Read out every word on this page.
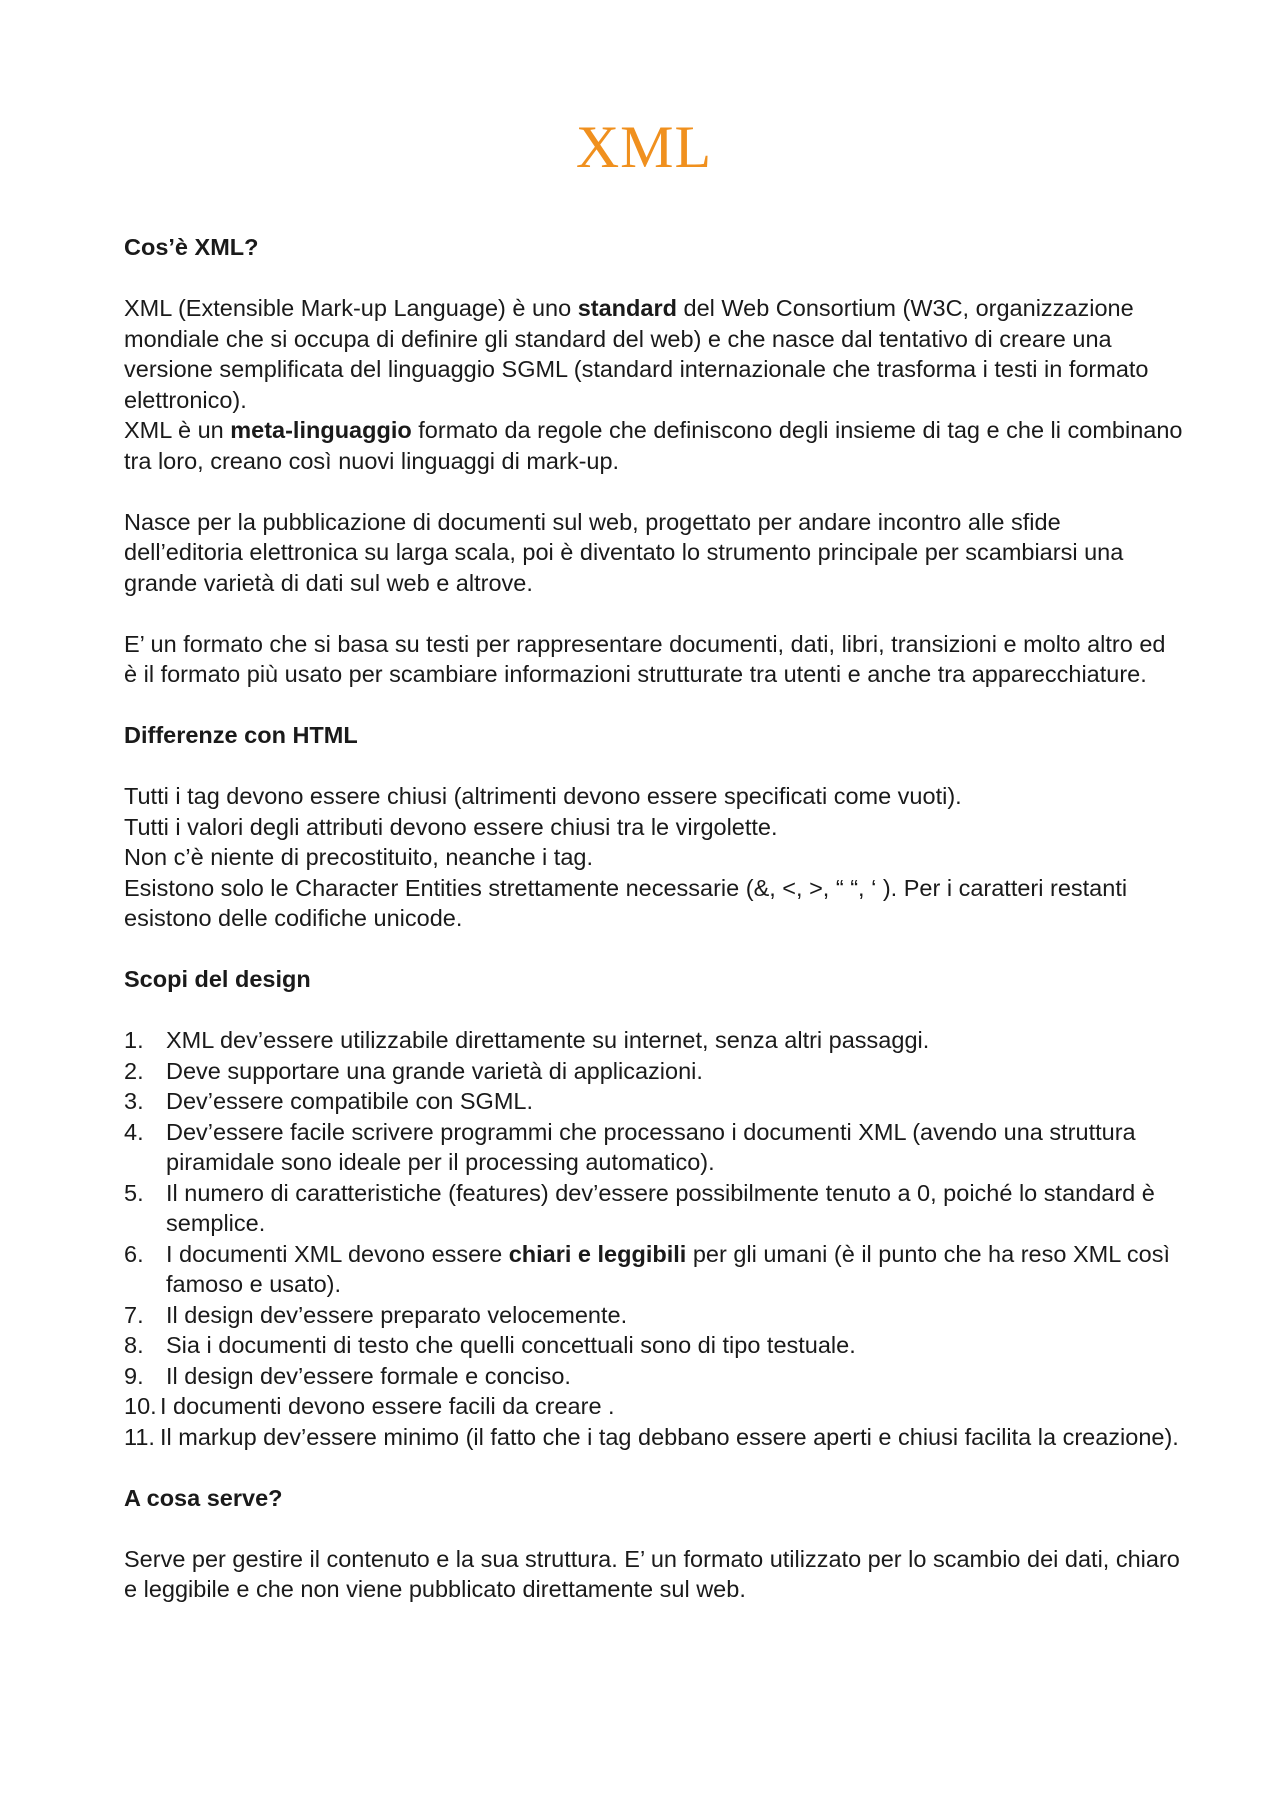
XML

Cos’è XML?

XML (Extensible Mark-up Language) è uno standard del Web Consortium (W3C, organizzazione mondiale che si occupa di definire gli standard del web) e che nasce dal tentativo di creare una versione semplificata del linguaggio SGML (standard internazionale che trasforma i testi in formato elettronico).

XML è un meta-linguaggio formato da regole che definiscono degli insieme di tag e che li combinano tra loro, creano così nuovi linguaggi di mark-up.

Nasce per la pubblicazione di documenti sul web, progettato per andare incontro alle sfide dell’editoria elettronica su larga scala, poi è diventato lo strumento principale per scambiarsi una grande varietà di dati sul web e altrove.

E’ un formato che si basa su testi per rappresentare documenti, dati, libri, transizioni e molto altro ed è il formato più usato per scambiare informazioni strutturate tra utenti e anche tra apparecchiature.

Differenze con HTML

Tutti i tag devono essere chiusi (altrimenti devono essere specificati come vuoti).

Tutti i valori degli attributi devono essere chiusi tra le virgolette.

Non c’è niente di precostituito, neanche i tag.

Esistono solo le Character Entities strettamente necessarie (&, <, >, “ “, ‘ ). Per i caratteri restanti esistono delle codifiche unicode.

Scopi del design

1. XML dev’essere utilizzabile direttamente su internet, senza altri passaggi.
2. Deve supportare una grande varietà di applicazioni.
3. Dev’essere compatibile con SGML.
4. Dev’essere facile scrivere programmi che processano i documenti XML (avendo una struttura piramidale sono ideale per il processing automatico).
5. Il numero di caratteristiche (features) dev’essere possibilmente tenuto a 0, poiché lo standard è semplice.
6. I documenti XML devono essere chiari e leggibili per gli umani (è il punto che ha reso XML così famoso e usato).
7. Il design dev’essere preparato velocemente.
8. Sia i documenti di testo che quelli concettuali sono di tipo testuale.
9. Il design dev’essere formale e conciso.
10. I documenti devono essere facili da creare .
11. Il markup dev’essere minimo (il fatto che i tag debbano essere aperti e chiusi facilita la creazione).

A cosa serve?

Serve per gestire il contenuto e la sua struttura. E’ un formato utilizzato per lo scambio dei dati, chiaro e leggibile e che non viene pubblicato direttamente sul web.
